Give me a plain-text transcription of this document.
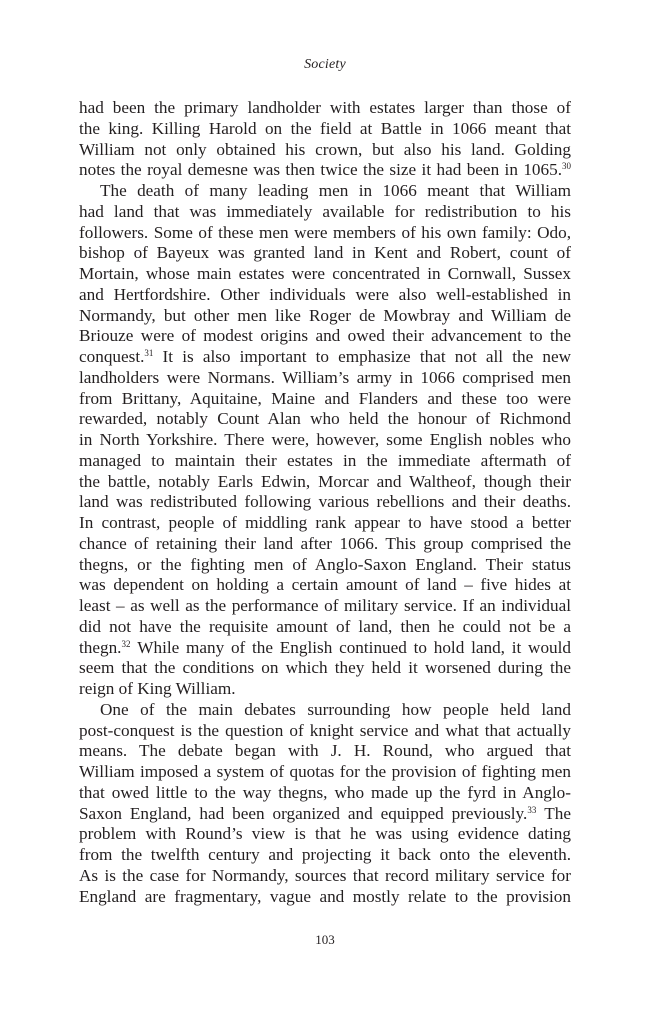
Society
had been the primary landholder with estates larger than those of
the king. Killing Harold on the field at Battle in 1066 meant that
William not only obtained his crown, but also his land. Golding
notes the royal demesne was then twice the size it had been in 1065.30
The death of many leading men in 1066 meant that William
had land that was immediately available for redistribution to his
followers. Some of these men were members of his own family: Odo,
bishop of Bayeux was granted land in Kent and Robert, count of
Mortain, whose main estates were concentrated in Cornwall, Sussex
and Hertfordshire. Other individuals were also well-established in
Normandy, but other men like Roger de Mowbray and William de
Briouze were of modest origins and owed their advancement to the
conquest.$^{31}$ It is also important to emphasize that not all the new
landholders were Normans. William’s army in 1066 comprised men
from Brittany, Aquitaine, Maine and Flanders and these too were
rewarded, notably Count Alan who held the honour of Richmond
in North Yorkshire. There were, however, some English nobles who
managed to maintain their estates in the immediate aftermath of
the battle, notably Earls Edwin, Morcar and Waltheof, though their
land was redistributed following various rebellions and their deaths.
In contrast, people of middling rank appear to have stood a better
chance of retaining their land after 1066. This group comprised the
thegns, or the fighting men of Anglo-Saxon England. Their status
was dependent on holding a certain amount of land – five hides at
least – as well as the performance of military service. If an individual
did not have the requisite amount of land, then he could not be a
thegn.$^{32}$ While many of the English continued to hold land, it would
seem that the conditions on which they held it worsened during the
reign of King William.
One of the main debates surrounding how people held land
post-conquest is the question of knight service and what that actually
means. The debate began with J. H. Round, who argued that
William imposed a system of quotas for the provision of fighting men
that owed little to the way thegns, who made up the fyrd in Anglo-
Saxon England, had been organized and equipped previously.$^{33}$ The
problem with Round’s view is that he was using evidence dating
from the twelfth century and projecting it back onto the eleventh.
As is the case for Normandy, sources that record military service for
England are fragmentary, vague and mostly relate to the provision
103
